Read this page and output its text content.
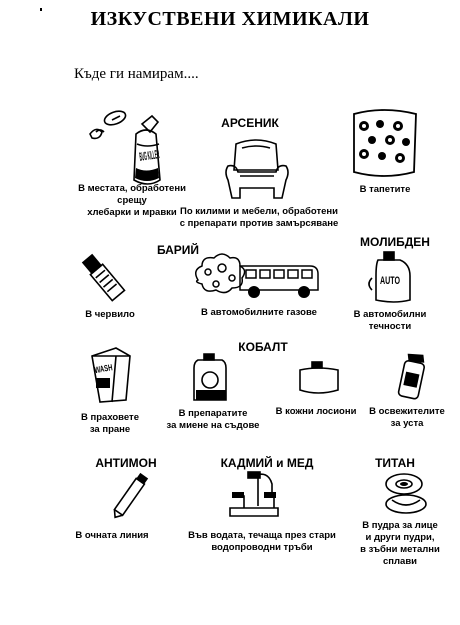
ИЗКУСТВЕНИ ХИМИКАЛИ
Къде ги намирам....
BUG KILLER
АРСЕНИК
В местата, обработени срещу
хлебарки и мравки По килими и мебели, обработени
с препарати против замърсяване
В тапетите
БАРИЙ
МОЛИБДЕН
AUTO
В червило	В автомобилните газове	В автомобилни
течности
КОБАЛТ
WASH
В праховете
за пране
В препаратите
за миене на съдове
В кожни лосиони	В освежителите
за уста
АНТИМОН	КАДМИЙ и МЕД	ТИТАН
В очната линия	Във водата, течаща през стари
водопроводни тръби
В пудра за лице
и други пудри,
в зъбни метални
сплави
